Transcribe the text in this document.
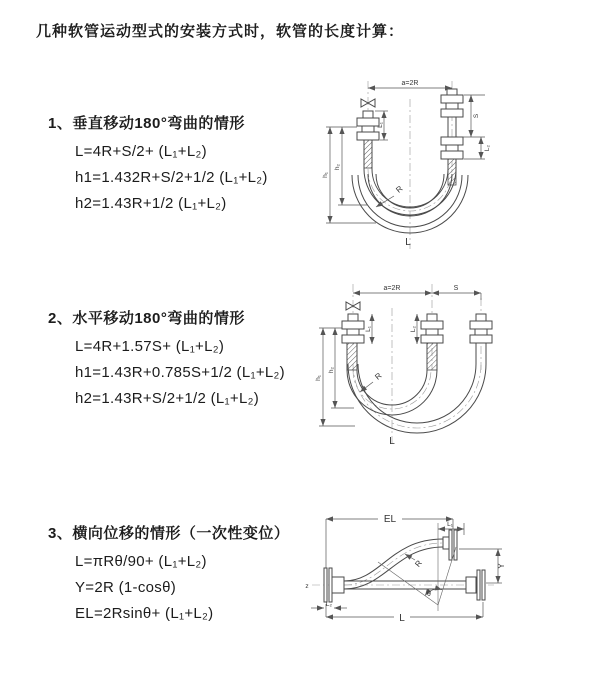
几种软管运动型式的安装方式时，软管的长度计算：
1、垂直移动180°弯曲的情形
L=4R+S/2+ (L₁+L₂)
h1=1.432R+S/2+1/2 (L₁+L₂)
h2=1.43R+1/2 (L₁+L₂)
2、水平移动180°弯曲的情形
L=4R+1.57S+ (L₁+L₂)
h1=1.43R+0.785S+1/2 (L₁+L₂)
h2=1.43R+S/2+1/2 (L₁+L₂)
3、横向位移的情形（一次性变位）
L=πRθ/90+ (L₁+L₂)
Y=2R (1-cosθ)
EL=2Rsinθ+ (L₁+L₂)
a=2R
S
L₂
L₁
h₁
h₂
R
L
a=2R	S
L₁	L₂
h₁
h₂
R
L
EL	L₁
Y
R
θ
L
L₂
z
